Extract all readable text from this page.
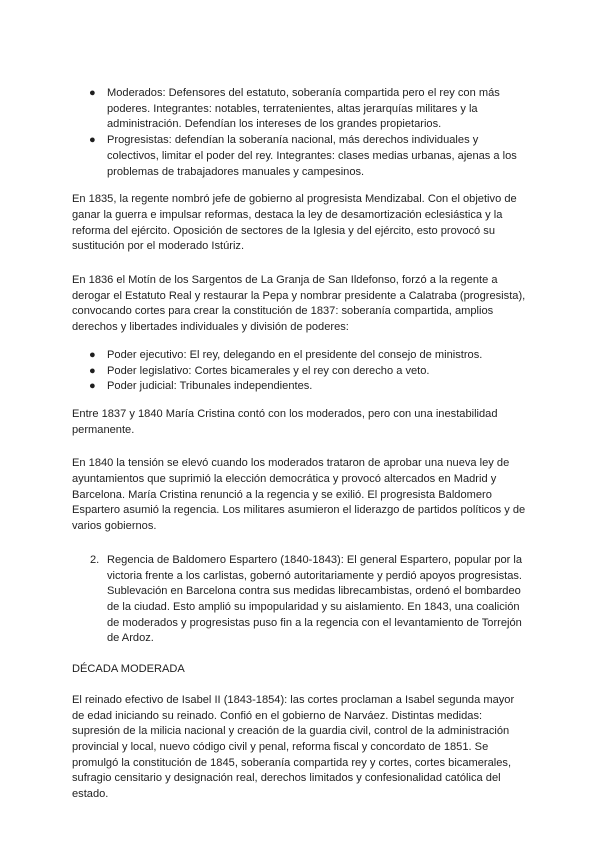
● Moderados: Defensores del estatuto, soberanía compartida pero el rey con más poderes. Integrantes: notables, terratenientes, altas jerarquías militares y la administración. Defendían los intereses de los grandes propietarios.
● Progresistas: defendían la soberanía nacional, más derechos individuales y colectivos, limitar el poder del rey. Integrantes: clases medias urbanas, ajenas a los problemas de trabajadores manuales y campesinos.

En 1835, la regente nombró jefe de gobierno al progresista Mendizabal. Con el objetivo de ganar la guerra e impulsar reformas, destaca la ley de desamortización eclesiástica y la reforma del ejército. Oposición de sectores de la Iglesia y del ejército, esto provocó su sustitución por el moderado Istúriz.

En 1836 el Motín de los Sargentos de La Granja de San Ildefonso, forzó a la regente a derogar el Estatuto Real y restaurar la Pepa y nombrar presidente a Calatraba (progresista), convocando cortes para crear la constitución de 1837: soberanía compartida, amplios derechos y libertades individuales y división de poderes:

● Poder ejecutivo: El rey, delegando en el presidente del consejo de ministros.
● Poder legislativo: Cortes bicamerales y el rey con derecho a veto.
● Poder judicial: Tribunales independientes.

Entre 1837 y 1840 María Cristina contó con los moderados, pero con una inestabilidad permanente.

En 1840 la tensión se elevó cuando los moderados trataron de aprobar una nueva ley de ayuntamientos que suprimió la elección democrática y provocó altercados en Madrid y Barcelona. María Cristina renunció a la regencia y se exilió. El progresista Baldomero Espartero asumió la regencia. Los militares asumieron el liderazgo de partidos políticos y de varios gobiernos.

2. Regencia de Baldomero Espartero (1840-1843): El general Espartero, popular por la victoria frente a los carlistas, gobernó autoritariamente y perdió apoyos progresistas. Sublevación en Barcelona contra sus medidas librecambistas, ordenó el bombardeo de la ciudad. Esto amplió su impopularidad y su aislamiento. En 1843, una coalición de moderados y progresistas puso fin a la regencia con el levantamiento de Torrejón de Ardoz.

DÉCADA MODERADA

El reinado efectivo de Isabel II (1843-1854): las cortes proclaman a Isabel segunda mayor de edad iniciando su reinado. Confió en el gobierno de Narváez. Distintas medidas: supresión de la milicia nacional y creación de la guardia civil, control de la administración provincial y local, nuevo código civil y penal, reforma fiscal y concordato de 1851. Se promulgó la constitución de 1845, soberanía compartida rey y cortes, cortes bicamerales, sufragio censitario y designación real, derechos limitados y confesionalidad católica del estado.
